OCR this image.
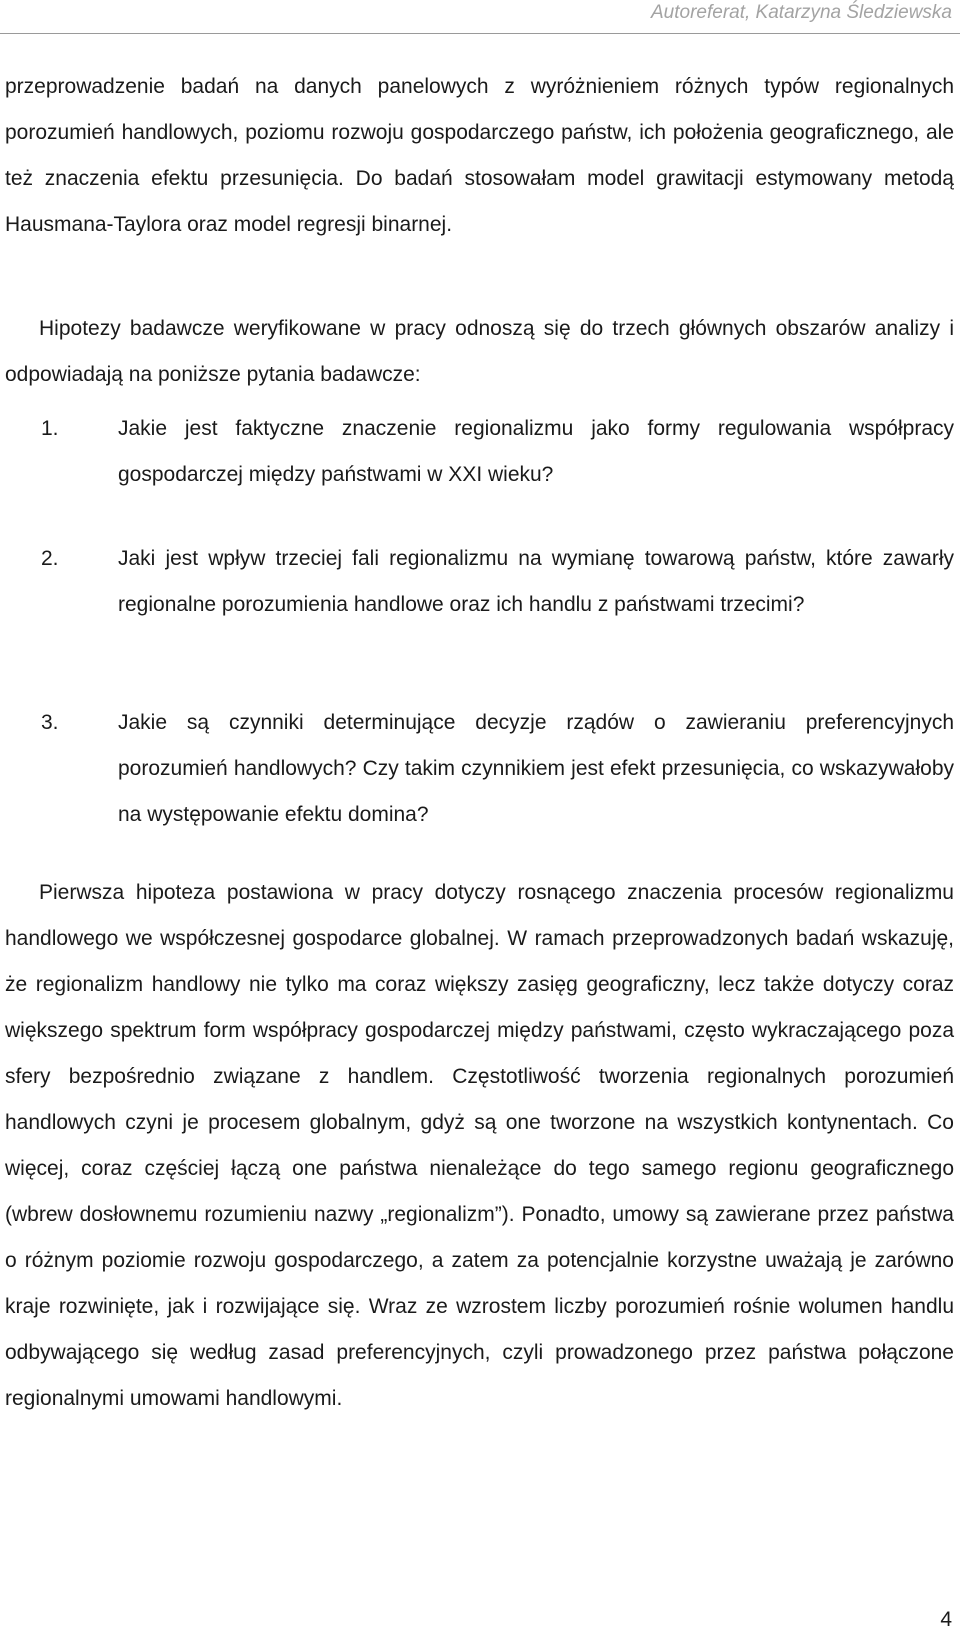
Autoreferat, Katarzyna Śledziewska
przeprowadzenie badań na danych panelowych z wyróżnieniem różnych typów regionalnych porozumień handlowych, poziomu rozwoju gospodarczego państw, ich położenia geograficznego, ale też znaczenia efektu przesunięcia. Do badań stosowałam model grawitacji estymowany metodą Hausmana-Taylora oraz model regresji binarnej.
Hipotezy badawcze weryfikowane w pracy odnoszą się do trzech głównych obszarów analizy i odpowiadają na poniższe pytania badawcze:
1.	Jakie jest faktyczne znaczenie regionalizmu jako formy regulowania współpracy gospodarczej między państwami w XXI wieku?
2.	Jaki jest wpływ trzeciej fali regionalizmu na wymianę towarową państw, które zawarły regionalne porozumienia handlowe oraz ich handlu z państwami trzecimi?
3.	Jakie są czynniki determinujące decyzje rządów o zawieraniu preferencyjnych porozumień handlowych? Czy takim czynnikiem jest efekt przesunięcia, co wskazywałoby na występowanie efektu domina?
Pierwsza hipoteza postawiona w pracy dotyczy rosnącego znaczenia procesów regionalizmu handlowego we współczesnej gospodarce globalnej. W ramach przeprowadzonych badań wskazuję, że regionalizm handlowy nie tylko ma coraz większy zasięg geograficzny, lecz także dotyczy coraz większego spektrum form współpracy gospodarczej między państwami, często wykraczającego poza sfery bezpośrednio związane z handlem. Częstotliwość tworzenia regionalnych porozumień handlowych czyni je procesem globalnym, gdyż są one tworzone na wszystkich kontynentach. Co więcej, coraz częściej łączą one państwa nienależące do tego samego regionu geograficznego (wbrew dosłownemu rozumieniu nazwy „regionalizm”). Ponadto, umowy są zawierane przez państwa o różnym poziomie rozwoju gospodarczego, a zatem za potencjalnie korzystne uważają je zarówno kraje rozwinięte, jak i rozwijające się. Wraz ze wzrostem liczby porozumień rośnie wolumen handlu odbywającego się według zasad preferencyjnych, czyli prowadzonego przez państwa połączone regionalnymi umowami handlowymi.
4
